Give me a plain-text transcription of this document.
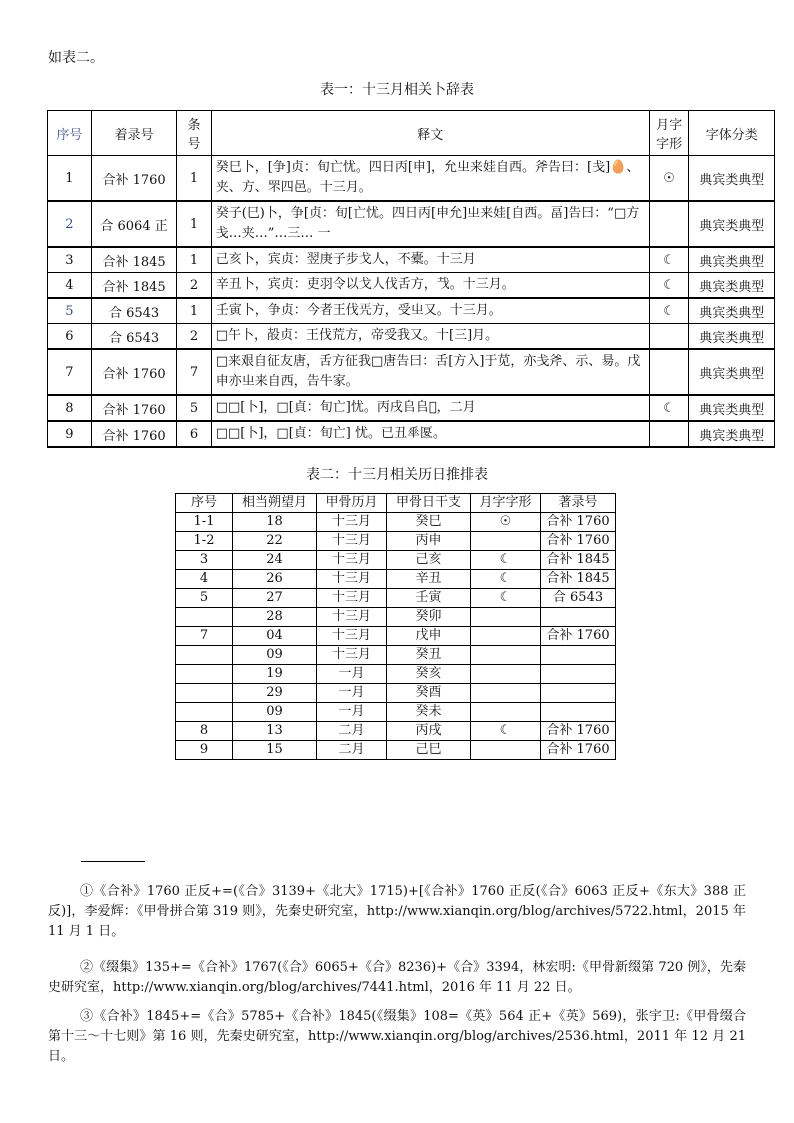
如表二。
表一：十三月相关卜辞表
序号	着录号	条号	释文	月字字形	字体分类
1	合补 1760	1	癸巳卜，[争]贞：旬亡忧。四日丙[申]，允㞢来娃自西。斧告曰：[戋]🥚、夹、方、罘四邑。十三月。	☉	典宾类典型
2	合 6064 正	1	癸子(巳)卜，争[贞：旬[亡忧。四日丙[申允]㞢来娃[自西。畐]告曰：“□方戋…夹…”…三… 一		典宾类典型
3	合补 1845	1	己亥卜，宾贞：翌庚子步戈人，不橐。十三月	☾	典宾类典型
4	合补 1845	2	辛丑卜，宾贞：吏羽令以戈人伐舌方，𢦏。十三月。	☾	典宾类典型
5	合 6543	1	壬寅卜，争贞：今者王伐𠙁方，受㞢又。十三月。	☾	典宾类典型
6	合 6543	2	□午卜，㱿贞：王伐荒方，帝受我又。十[三]月。		典宾类典型
7	合补 1760	7	□来艰自征友唐，舌方征我□唐告曰：舌[方入]于苋，亦戋斧、示、昜。戊申亦㞢来自西，告牛家。		典宾类典型
8	合补 1760	5	□□[卜]，□[貞：旬亡]忧。丙戌𠂤𠂤𢀚，二月	☾	典宾类典型
9	合补 1760	6	□□[卜]，□[貞：旬亡] 忧。已丑𠦬匽。		典宾类典型
表二：十三月相关历日推排表
序号	相当朔望月	甲骨历月	甲骨日干支	月字字形	著录号
1-1	18	十三月	癸巳	☉	合补 1760
1-2	22	十三月	丙申		合补 1760
3	24	十三月	己亥	☾	合补 1845
4	26	十三月	辛丑	☾	合补 1845
5	27	十三月	壬寅	☾	合 6543
	28	十三月	癸卯		
7	04	十三月	戊申		合补 1760
	09	十三月	癸丑		
	19	一月	癸亥		
	29	一月	癸酉		
	09	一月	癸未		
8	13	二月	丙戌	☾	合补 1760
9	15	二月	己巳		合补 1760

①《合补》1760 正反+=(《合》3139+《北大》1715)+[《合补》1760 正反(《合》6063 正反+《东大》388 正反)]，李爱辉：《甲骨拼合第 319 则》，先秦史研究室，http://www.xianqin.org/blog/archives/5722.html，2015 年 11 月 1 日。

②《缀集》135+=《合补》1767(《合》6065+《合》8236)+《合》3394，林宏明:《甲骨新缀第 720 例》，先秦史研究室，http://www.xianqin.org/blog/archives/7441.html，2016 年 11 月 22 日。

③《合补》1845+=《合》5785+《合补》1845(《缀集》108=《英》564 正+《英》569)，张宇卫:《甲骨缀合第十三～十七则》第 16 则，先秦史研究室，http://www.xianqin.org/blog/archives/2536.html，2011 年 12 月 21 日。
